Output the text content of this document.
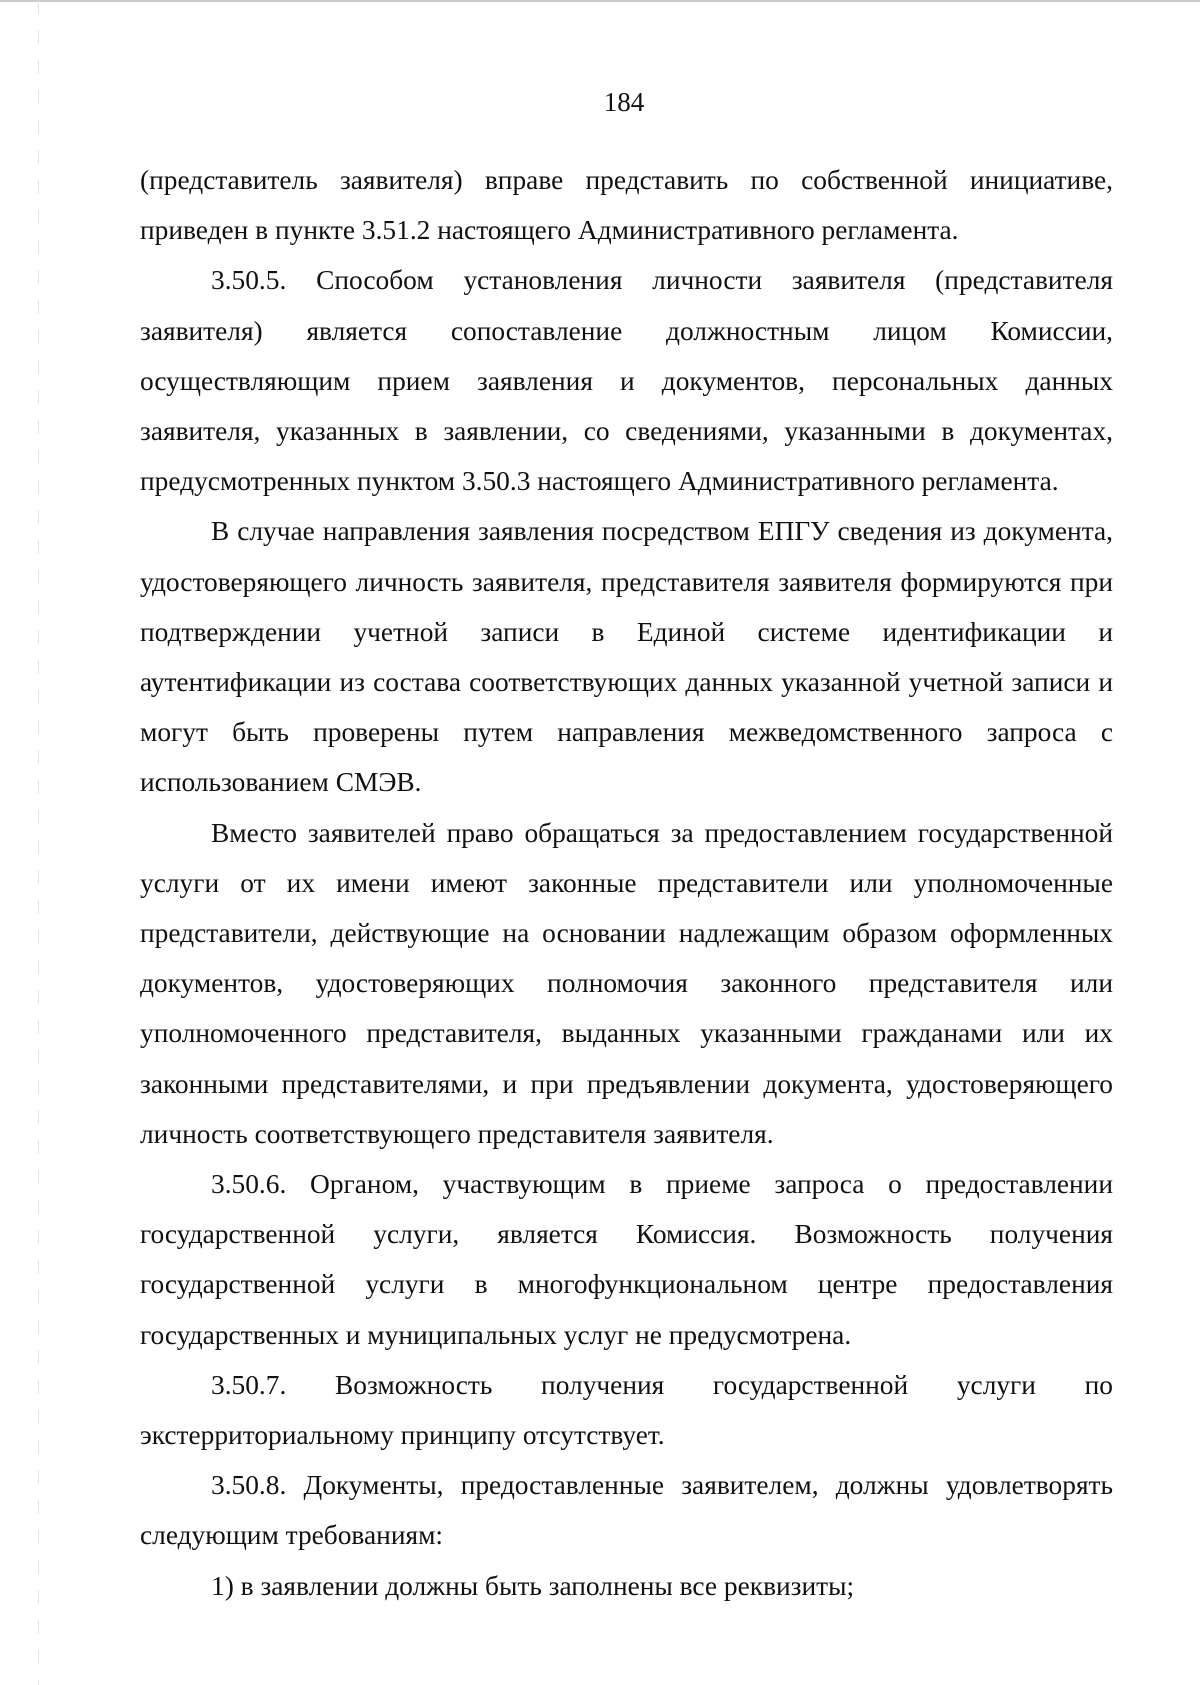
184

(представитель заявителя) вправе представить по собственной инициативе, приведен в пункте 3.51.2 настоящего Административного регламента.

3.50.5. Способом установления личности заявителя (представителя заявителя) является сопоставление должностным лицом Комиссии, осуществляющим прием заявления и документов, персональных данных заявителя, указанных в заявлении, со сведениями, указанными в документах, предусмотренных пунктом 3.50.3 настоящего Административного регламента.

В случае направления заявления посредством ЕПГУ сведения из документа, удостоверяющего личность заявителя, представителя заявителя формируются при подтверждении учетной записи в Единой системе идентификации и аутентификации из состава соответствующих данных указанной учетной записи и могут быть проверены путем направления межведомственного запроса с использованием СМЭВ.

Вместо заявителей право обращаться за предоставлением государственной услуги от их имени имеют законные представители или уполномоченные представители, действующие на основании надлежащим образом оформленных документов, удостоверяющих полномочия законного представителя или уполномоченного представителя, выданных указанными гражданами или их законными представителями, и при предъявлении документа, удостоверяющего личность соответствующего представителя заявителя.

3.50.6. Органом, участвующим в приеме запроса о предоставлении государственной услуги, является Комиссия. Возможность получения государственной услуги в многофункциональном центре предоставления государственных и муниципальных услуг не предусмотрена.

3.50.7. Возможность получения государственной услуги по экстерриториальному принципу отсутствует.

3.50.8. Документы, предоставленные заявителем, должны удовлетворять следующим требованиям:

1) в заявлении должны быть заполнены все реквизиты;
